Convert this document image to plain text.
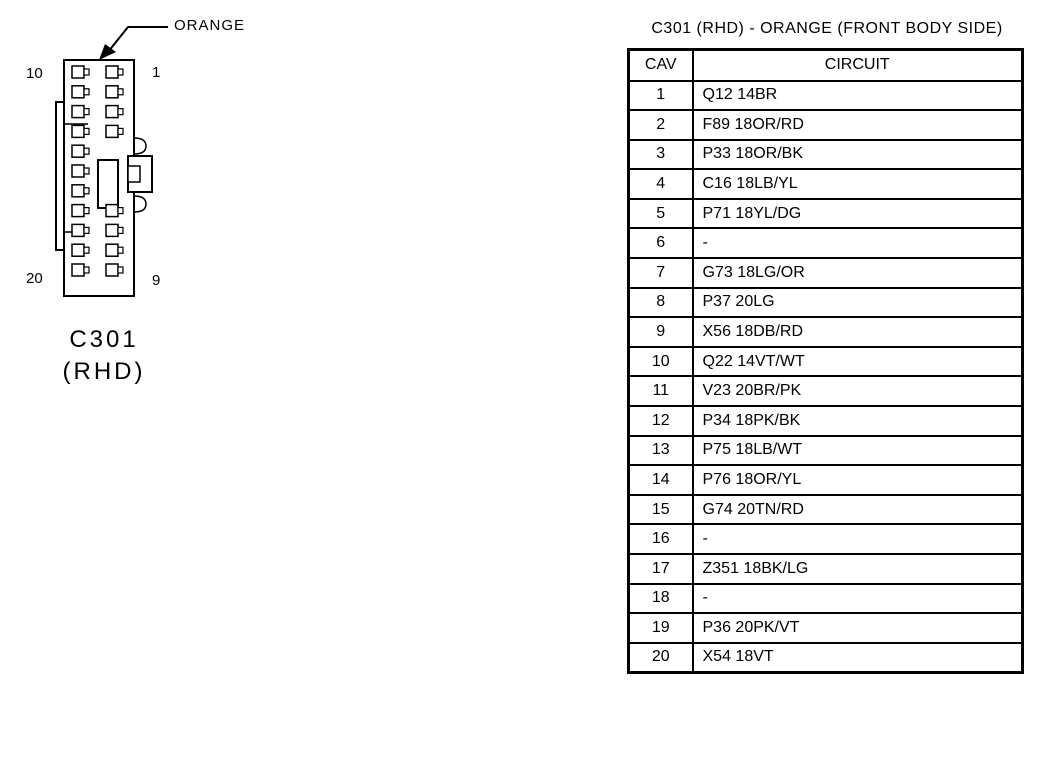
ORANGE
10	1
20	9
C301
(RHD)
C301 (RHD) - ORANGE (FRONT BODY SIDE)
CAV	CIRCUIT
1	Q12 14BR
2	F89 18OR/RD
3	P33 18OR/BK
4	C16 18LB/YL
5	P71 18YL/DG
6	-
7	G73 18LG/OR
8	P37 20LG
9	X56 18DB/RD
10	Q22 14VT/WT
11	V23 20BR/PK
12	P34 18PK/BK
13	P75 18LB/WT
14	P76 18OR/YL
15	G74 20TN/RD
16	-
17	Z351 18BK/LG
18	-
19	P36 20PK/VT
20	X54 18VT
